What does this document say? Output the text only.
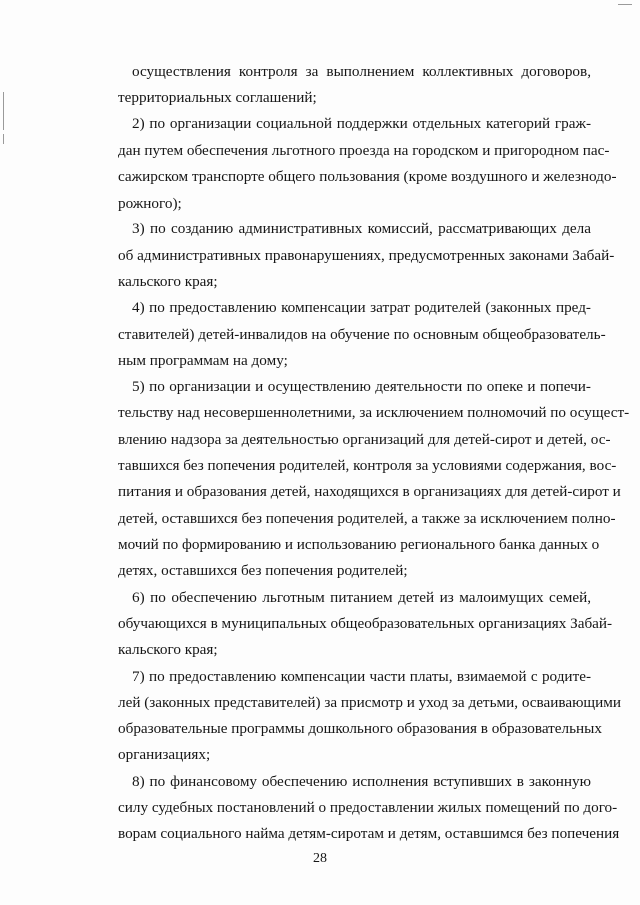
осуществления контроля за выполнением коллективных договоров,
территориальных соглашений;
2) по организации социальной поддержки отдельных категорий граж-
дан путем обеспечения льготного проезда на городском и пригородном пас-
сажирском транспорте общего пользования (кроме воздушного и железнодо-
рожного);
3) по созданию административных комиссий, рассматривающих дела
об административных правонарушениях, предусмотренных законами Забай-
кальского края;
4) по предоставлению компенсации затрат родителей (законных пред-
ставителей) детей-инвалидов на обучение по основным общеобразователь-
ным программам на дому;
5) по организации и осуществлению деятельности по опеке и попечи-
тельству над несовершеннолетними, за исключением полномочий по осущест-
влению надзора за деятельностью организаций для детей-сирот и детей, ос-
тавшихся без попечения родителей, контроля за условиями содержания, вос-
питания и образования детей, находящихся в организациях для детей-сирот и
детей, оставшихся без попечения родителей, а также за исключением полно-
мочий по формированию и использованию регионального банка данных о
детях, оставшихся без попечения родителей;
6) по обеспечению льготным питанием детей из малоимущих семей,
обучающихся в муниципальных общеобразовательных организациях Забай-
кальского края;
7) по предоставлению компенсации части платы, взимаемой с родите-
лей (законных представителей) за присмотр и уход за детьми, осваивающими
образовательные программы дошкольного образования в образовательных
организациях;
8) по финансовому обеспечению исполнения вступивших в законную
силу судебных постановлений о предоставлении жилых помещений по дого-
ворам социального найма детям-сиротам и детям, оставшимся без попечения
28
